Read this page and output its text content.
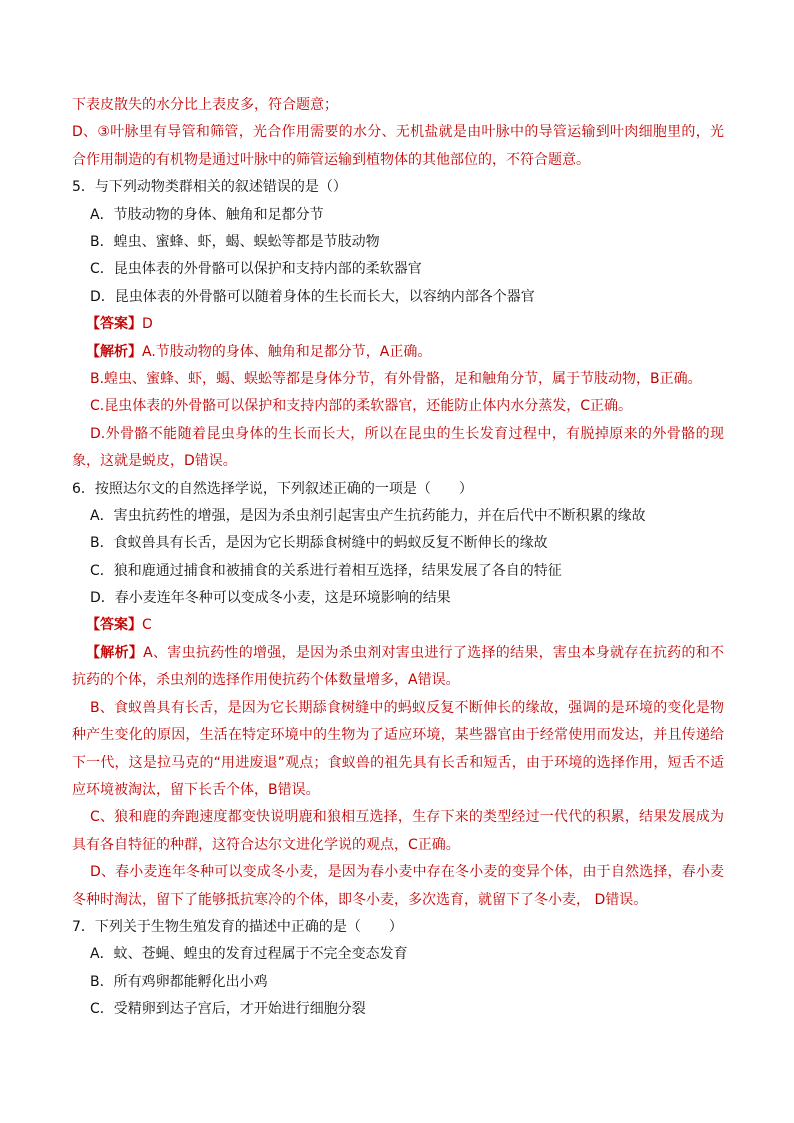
下表皮散失的水分比上表皮多，符合题意；
D、③叶脉里有导管和筛管，光合作用需要的水分、无机盐就是由叶脉中的导管运输到叶肉细胞里的，光合作用制造的有机物是通过叶脉中的筛管运输到植物体的其他部位的，不符合题意。
5．与下列动物类群相关的叙述错误的是（）
A．节肢动物的身体、触角和足都分节
B．蝗虫、蜜蜂、虾，蝎、蜈蚣等都是节肢动物
C．昆虫体表的外骨骼可以保护和支持内部的柔软器官
D．昆虫体表的外骨骼可以随着身体的生长而长大，以容纳内部各个器官
【答案】D
【解析】A.节肢动物的身体、触角和足都分节，A正确。
B.蝗虫、蜜蜂、虾，蝎、蜈蚣等都是身体分节，有外骨骼，足和触角分节，属于节肢动物，B正确。
C.昆虫体表的外骨骼可以保护和支持内部的柔软器官，还能防止体内水分蒸发，C正确。
D.外骨骼不能随着昆虫身体的生长而长大，所以在昆虫的生长发育过程中，有脱掉原来的外骨骼的现象，这就是蜕皮，D错误。
6．按照达尔文的自然选择学说，下列叙述正确的一项是（　　）
A．害虫抗药性的增强，是因为杀虫剂引起害虫产生抗药能力，并在后代中不断积累的缘故
B．食蚁兽具有长舌，是因为它长期舔食树缝中的蚂蚁反复不断伸长的缘故
C．狼和鹿通过捕食和被捕食的关系进行着相互选择，结果发展了各自的特征
D．春小麦连年冬种可以变成冬小麦，这是环境影响的结果
【答案】C
【解析】A、害虫抗药性的增强，是因为杀虫剂对害虫进行了选择的结果，害虫本身就存在抗药的和不抗药的个体，杀虫剂的选择作用使抗药个体数量增多，A错误。
B、食蚁兽具有长舌，是因为它长期舔食树缝中的蚂蚁反复不断伸长的缘故，强调的是环境的变化是物种产生变化的原因，生活在特定环境中的生物为了适应环境，某些器官由于经常使用而发达，并且传递给下一代，这是拉马克的“用进废退”观点；食蚁兽的祖先具有长舌和短舌，由于环境的选择作用，短舌不适应环境被淘汰，留下长舌个体，B错误。
C、狼和鹿的奔跑速度都变快说明鹿和狼相互选择，生存下来的类型经过一代代的积累，结果发展成为具有各自特征的种群，这符合达尔文进化学说的观点，C正确。
D、春小麦连年冬种可以变成冬小麦，是因为春小麦中存在冬小麦的变异个体，由于自然选择，春小麦冬种时淘汰，留下了能够抵抗寒冷的个体，即冬小麦，多次选育，就留下了冬小麦， D错误。
7．下列关于生物生殖发育的描述中正确的是（　　）
A．蚊、苍蝇、蝗虫的发育过程属于不完全变态发育
B．所有鸡卵都能孵化出小鸡
C．受精卵到达子宫后，才开始进行细胞分裂
